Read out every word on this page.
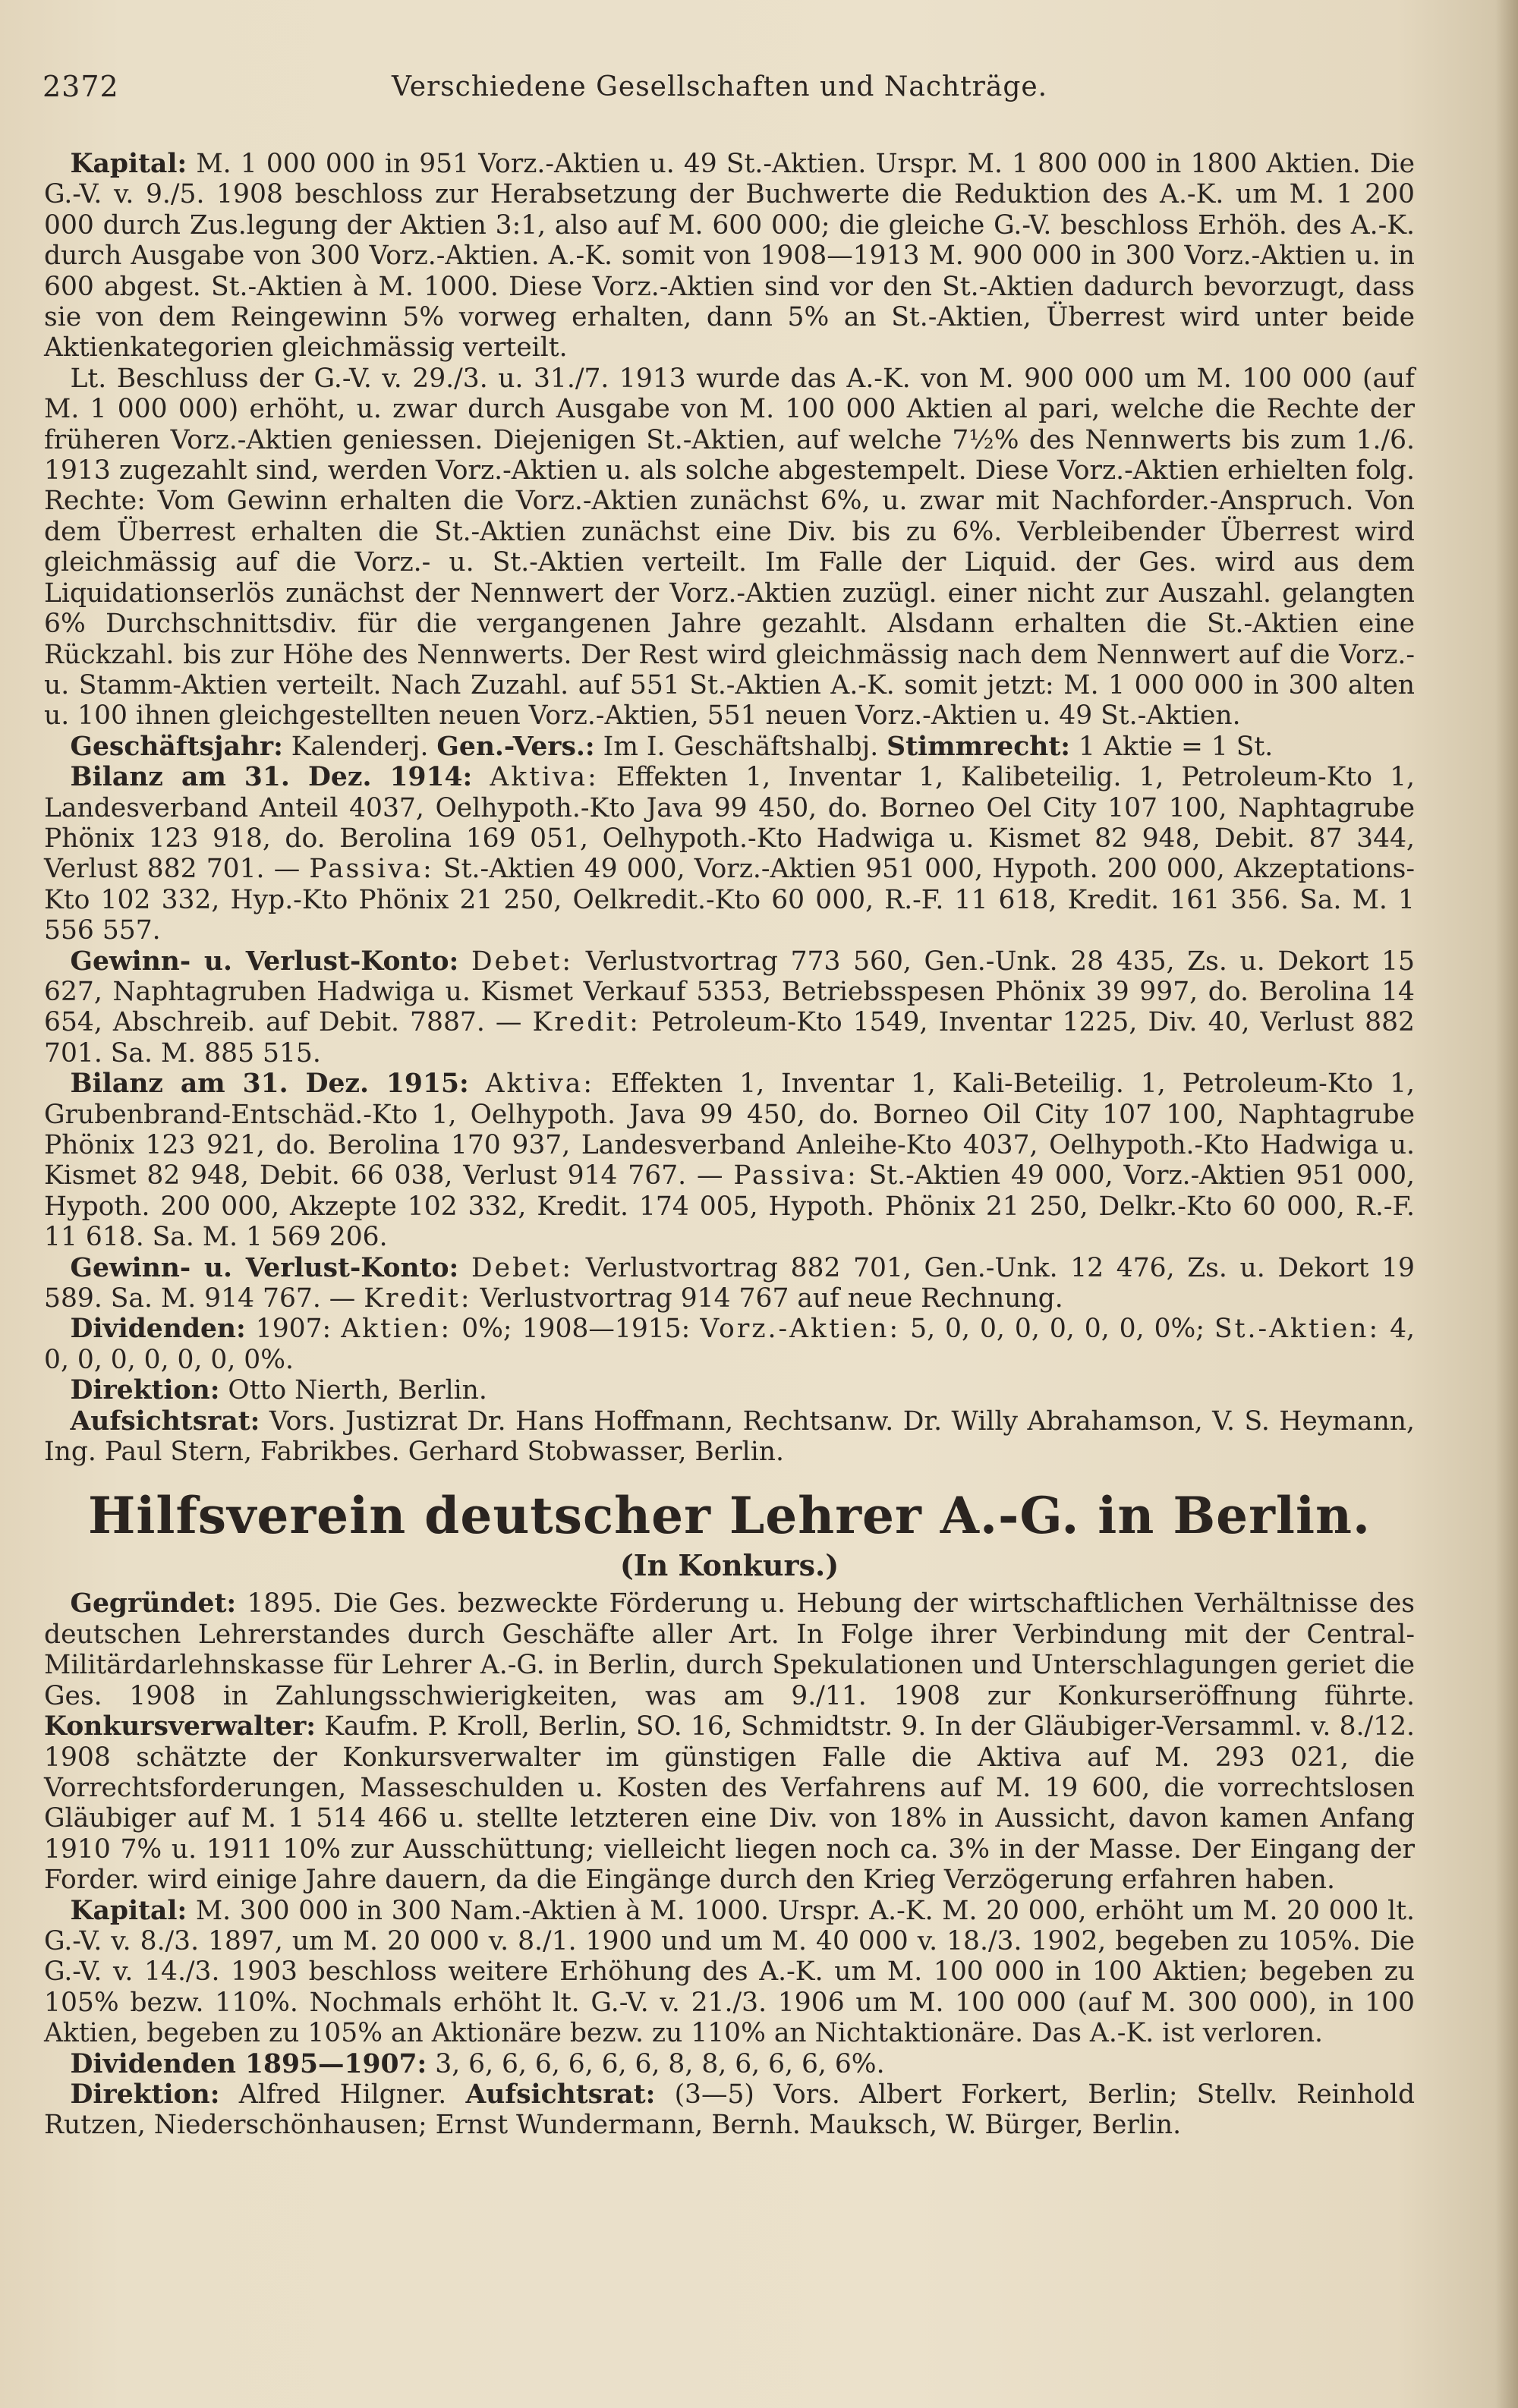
2372	Verschiedene Gesellschaften und Nachträge.

 Kapital: M. 1 000 000 in 951 Vorz.-Aktien u. 49 St.-Aktien. Urspr. M. 1 800 000 in 1800 Aktien. Die G.-V. v. 9./5. 1908 beschloss zur Herabsetzung der Buchwerte die Reduktion des A.-K. um M. 1 200 000 durch Zus.legung der Aktien 3:1, also auf M. 600 000; die gleiche G.-V. beschloss Erhöh. des A.-K. durch Ausgabe von 300 Vorz.-Aktien. A.-K. somit von 1908—1913 M. 900 000 in 300 Vorz.-Aktien u. in 600 abgest. St.-Aktien à M. 1000. Diese Vorz.-Aktien sind vor den St.-Aktien dadurch bevorzugt, dass sie von dem Reingewinn 5% vorweg erhalten, dann 5% an St.-Aktien, Überrest wird unter beide Aktienkategorien gleichmässig verteilt.

 Lt. Beschluss der G.-V. v. 29./3. u. 31./7. 1913 wurde das A.-K. von M. 900 000 um M. 100 000 (auf M. 1 000 000) erhöht, u. zwar durch Ausgabe von M. 100 000 Aktien al pari, welche die Rechte der früheren Vorz.-Aktien geniessen. Diejenigen St.-Aktien, auf welche 7½% des Nennwerts bis zum 1./6. 1913 zugezahlt sind, werden Vorz.-Aktien u. als solche abgestempelt. Diese Vorz.-Aktien erhielten folg. Rechte: Vom Gewinn erhalten die Vorz.-Aktien zunächst 6%, u. zwar mit Nachforder.-Anspruch. Von dem Überrest erhalten die St.-Aktien zunächst eine Div. bis zu 6%. Verbleibender Überrest wird gleichmässig auf die Vorz.- u. St.-Aktien verteilt. Im Falle der Liquid. der Ges. wird aus dem Liquidationserlös zunächst der Nennwert der Vorz.-Aktien zuzügl. einer nicht zur Auszahl. gelangten 6% Durchschnittsdiv. für die vergangenen Jahre gezahlt. Alsdann erhalten die St.-Aktien eine Rückzahl. bis zur Höhe des Nennwerts. Der Rest wird gleichmässig nach dem Nennwert auf die Vorz.- u. Stamm-Aktien verteilt. Nach Zuzahl. auf 551 St.-Aktien A.-K. somit jetzt: M. 1 000 000 in 300 alten u. 100 ihnen gleichgestellten neuen Vorz.-Aktien, 551 neuen Vorz.-Aktien u. 49 St.-Aktien.

 Geschäftsjahr: Kalenderj. Gen.-Vers.: Im I. Geschäftshalbj. Stimmrecht: 1 Aktie = 1 St.

 Bilanz am 31. Dez. 1914: Aktiva: Effekten 1, Inventar 1, Kalibeteilig. 1, Petroleum-Kto 1, Landesverband Anteil 4037, Oelhypoth.-Kto Java 99 450, do. Borneo Oel City 107 100, Naphtagrube Phönix 123 918, do. Berolina 169 051, Oelhypoth.-Kto Hadwiga u. Kismet 82 948, Debit. 87 344, Verlust 882 701. — Passiva: St.-Aktien 49 000, Vorz.-Aktien 951 000, Hypoth. 200 000, Akzeptations-Kto 102 332, Hyp.-Kto Phönix 21 250, Oelkredit.-Kto 60 000, R.-F. 11 618, Kredit. 161 356. Sa. M. 1 556 557.

 Gewinn- u. Verlust-Konto: Debet: Verlustvortrag 773 560, Gen.-Unk. 28 435, Zs. u. Dekort 15 627, Naphtagruben Hadwiga u. Kismet Verkauf 5353, Betriebsspesen Phönix 39 997, do. Berolina 14 654, Abschreib. auf Debit. 7887. — Kredit: Petroleum-Kto 1549, Inventar 1225, Div. 40, Verlust 882 701. Sa. M. 885 515.

 Bilanz am 31. Dez. 1915: Aktiva: Effekten 1, Inventar 1, Kali-Beteilig. 1, Petroleum-Kto 1, Grubenbrand-Entschäd.-Kto 1, Oelhypoth. Java 99 450, do. Borneo Oil City 107 100, Naphtagrube Phönix 123 921, do. Berolina 170 937, Landesverband Anleihe-Kto 4037, Oelhypoth.-Kto Hadwiga u. Kismet 82 948, Debit. 66 038, Verlust 914 767. — Passiva: St.-Aktien 49 000, Vorz.-Aktien 951 000, Hypoth. 200 000, Akzepte 102 332, Kredit. 174 005, Hypoth. Phönix 21 250, Delkr.-Kto 60 000, R.-F. 11 618. Sa. M. 1 569 206.

 Gewinn- u. Verlust-Konto: Debet: Verlustvortrag 882 701, Gen.-Unk. 12 476, Zs. u. Dekort 19 589. Sa. M. 914 767. — Kredit: Verlustvortrag 914 767 auf neue Rechnung.

 Dividenden: 1907: Aktien: 0%; 1908—1915: Vorz.-Aktien: 5, 0, 0, 0, 0, 0, 0, 0%; St.-Aktien: 4, 0, 0, 0, 0, 0, 0, 0%.

 Direktion: Otto Nierth, Berlin.

 Aufsichtsrat: Vors. Justizrat Dr. Hans Hoffmann, Rechtsanw. Dr. Willy Abrahamson, V. S. Heymann, Ing. Paul Stern, Fabrikbes. Gerhard Stobwasser, Berlin.

Hilfsverein deutscher Lehrer A.-G. in Berlin.
(In Konkurs.)

 Gegründet: 1895. Die Ges. bezweckte Förderung u. Hebung der wirtschaftlichen Verhältnisse des deutschen Lehrerstandes durch Geschäfte aller Art. In Folge ihrer Verbindung mit der Central-Militärdarlehnskasse für Lehrer A.-G. in Berlin, durch Spekulationen und Unterschlagungen geriet die Ges. 1908 in Zahlungsschwierigkeiten, was am 9./11. 1908 zur Konkurseröffnung führte. Konkursverwalter: Kaufm. P. Kroll, Berlin, SO. 16, Schmidtstr. 9. In der Gläubiger-Versamml. v. 8./12. 1908 schätzte der Konkursverwalter im günstigen Falle die Aktiva auf M. 293 021, die Vorrechtsforderungen, Masseschulden u. Kosten des Verfahrens auf M. 19 600, die vorrechtslosen Gläubiger auf M. 1 514 466 u. stellte letzteren eine Div. von 18% in Aussicht, davon kamen Anfang 1910 7% u. 1911 10% zur Ausschüttung; vielleicht liegen noch ca. 3% in der Masse. Der Eingang der Forder. wird einige Jahre dauern, da die Eingänge durch den Krieg Verzögerung erfahren haben.

 Kapital: M. 300 000 in 300 Nam.-Aktien à M. 1000. Urspr. A.-K. M. 20 000, erhöht um M. 20 000 lt. G.-V. v. 8./3. 1897, um M. 20 000 v. 8./1. 1900 und um M. 40 000 v. 18./3. 1902, begeben zu 105%. Die G.-V. v. 14./3. 1903 beschloss weitere Erhöhung des A.-K. um M. 100 000 in 100 Aktien; begeben zu 105% bezw. 110%. Nochmals erhöht lt. G.-V. v. 21./3. 1906 um M. 100 000 (auf M. 300 000), in 100 Aktien, begeben zu 105% an Aktionäre bezw. zu 110% an Nichtaktionäre. Das A.-K. ist verloren.

 Dividenden 1895—1907: 3, 6, 6, 6, 6, 6, 6, 8, 8, 6, 6, 6, 6%.

 Direktion: Alfred Hilgner. Aufsichtsrat: (3—5) Vors. Albert Forkert, Berlin; Stellv. Reinhold Rutzen, Niederschönhausen; Ernst Wundermann, Bernh. Mauksch, W. Bürger, Berlin.
